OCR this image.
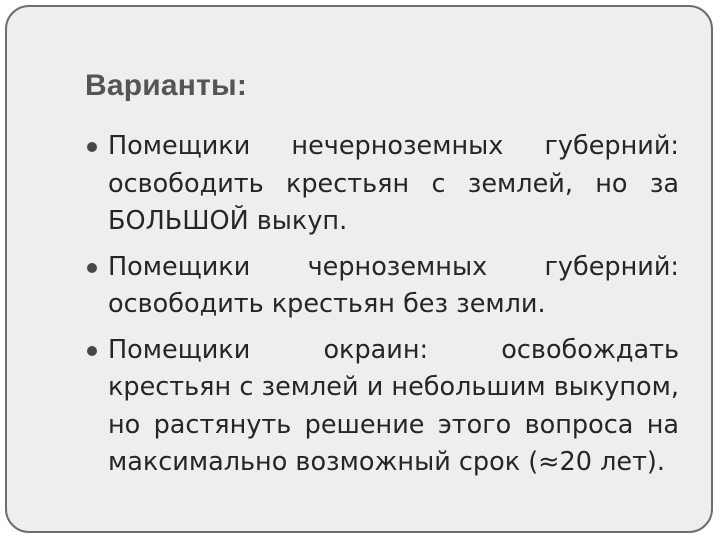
Варианты:
Помещики нечерноземных губерний: освободить крестьян с землей, но за БОЛЬШОЙ выкуп.
Помещики черноземных губерний: освободить крестьян без земли.
Помещики окраин: освобождать крестьян с землей и небольшим выкупом, но растянуть решение этого вопроса на максимально возможный срок (≈20 лет).
